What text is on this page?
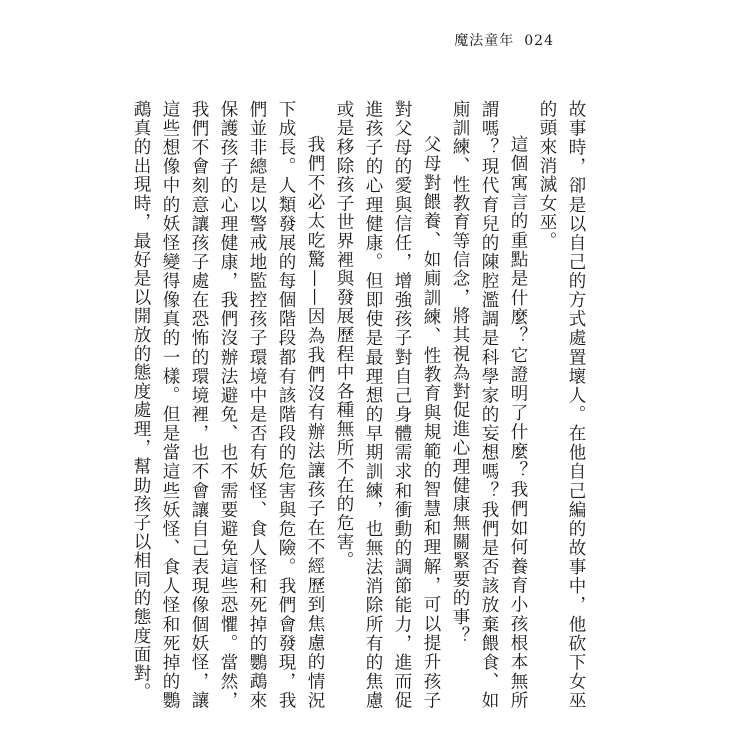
魔法童年 024

故事時，卻是以自己的方式處置壞人。在他自己編的故事中，他砍下女巫的頭來消滅女巫。

這個寓言的重點是什麼？它證明了什麼？我們如何養育小孩根本無所謂嗎？現代育兒的陳腔濫調是科學家的妄想嗎？我們是否該放棄餵食、如廁訓練、性教育等信念，將其視為對促進心理健康無關緊要的事？

父母對餵養、如廁訓練、性教育與規範的智慧和理解，可以提升孩子對父母的愛與信任，增強孩子對自己身體需求和衝動的調節能力，進而促進孩子的心理健康。但即使是最理想的早期訓練，也無法消除所有的焦慮或是移除孩子世界裡與發展歷程中各種無所不在的危害。

我們不必太吃驚——因為我們沒有辦法讓孩子在不經歷到焦慮的情況下成長。人類發展的每個階段都有該階段的危害與危險。我們會發現，我們並非總是以警戒地監控孩子環境中是否有妖怪、食人怪和死掉的鸚鵡來保護孩子的心理健康，我們沒辦法避免、也不需要避免這些恐懼。當然，我們不會刻意讓孩子處在恐怖的環境裡，也不會讓自己表現像個妖怪，讓這些想像中的妖怪變得像真的一樣。但是當這些妖怪、食人怪和死掉的鸚鵡真的出現時，最好是以開放的態度處理，幫助孩子以相同的態度面對。
